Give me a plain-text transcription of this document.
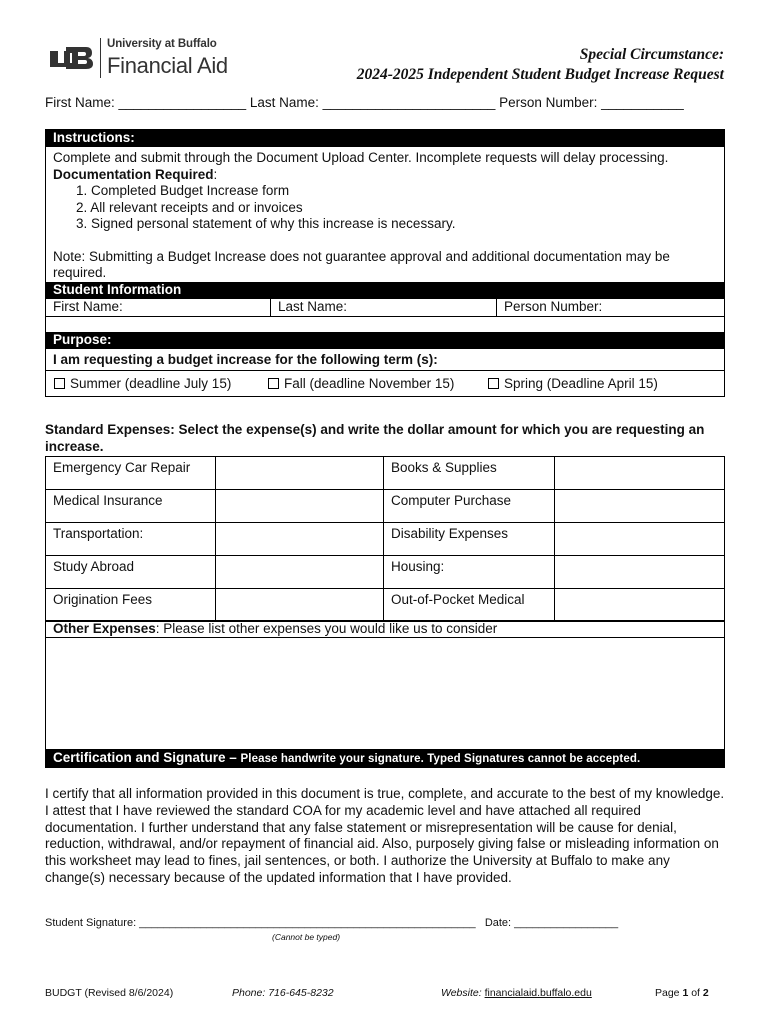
University at Buffalo
Financial Aid	Special Circumstance:
2024-2025 Independent Student Budget Increase Request
First Name: _________________ Last Name: _______________________ Person Number: ___________
Instructions:
Complete and submit through the Document Upload Center. Incomplete requests will delay processing.
Documentation Required:
1. Completed Budget Increase form
2. All relevant receipts and or invoices
3. Signed personal statement of why this increase is necessary.
Note: Submitting a Budget Increase does not guarantee approval and additional documentation may be required.
Student Information
First Name:	Last Name:	Person Number:
Purpose:
I am requesting a budget increase for the following term (s):
Summer (deadline July 15)	Fall (deadline November 15)	Spring (Deadline April 15)
Standard Expenses: Select the expense(s) and write the dollar amount for which you are requesting an increase.
Emergency Car Repair		Books & Supplies	
Medical Insurance		Computer Purchase	
Transportation:		Disability Expenses	
Study Abroad		Housing:	
Origination Fees		Out-of-Pocket Medical	
Other Expenses: Please list other expenses you would like us to consider
Certification and Signature – Please handwrite your signature. Typed Signatures cannot be accepted.
I certify that all information provided in this document is true, complete, and accurate to the best of my knowledge. I attest that I have reviewed the standard COA for my academic level and have attached all required documentation. I further understand that any false statement or misrepresentation will be cause for denial, reduction, withdrawal, and/or repayment of financial aid. Also, purposely giving false or misleading information on this worksheet may lead to fines, jail sentences, or both. I authorize the University at Buffalo to make any change(s) necessary because of the updated information that I have provided.
Student Signature: _______________________________________________________   Date: _________________
(Cannot be typed)
BUDGT (Revised 8/6/2024)	Phone: 716-645-8232	Website: financialaid.buffalo.edu	Page 1 of 2
